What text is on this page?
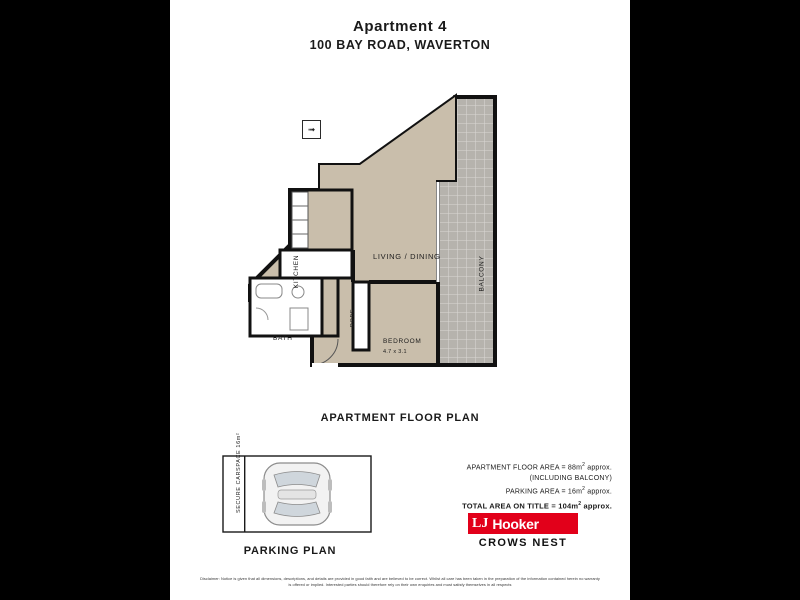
Apartment 4
100 BAY ROAD, WAVERTON
➟
LIVING / DINING
KITCHEN
BATH
ROBE
BEDROOM
4.7 x 3.1
BALCONY
APARTMENT FLOOR PLAN
SECURE CARSPACE 16m²
PARKING PLAN
APARTMENT FLOOR AREA = $88m^2$ approx.
(INCLUDING BALCONY)
PARKING AREA = $16m^2$ approx.
TOTAL AREA ON TITLE = $104m^2$ approx.
LJ Hooker
CROWS NEST
Disclaimer: Notice is given that all dimensions, descriptions, and details are provided in good faith and are believed to be correct. Whilst all care has been taken in the preparation of the information contained herein no warranty is offered or implied. Interested parties should therefore rely on their own enquiries and must satisfy themselves in all respects
